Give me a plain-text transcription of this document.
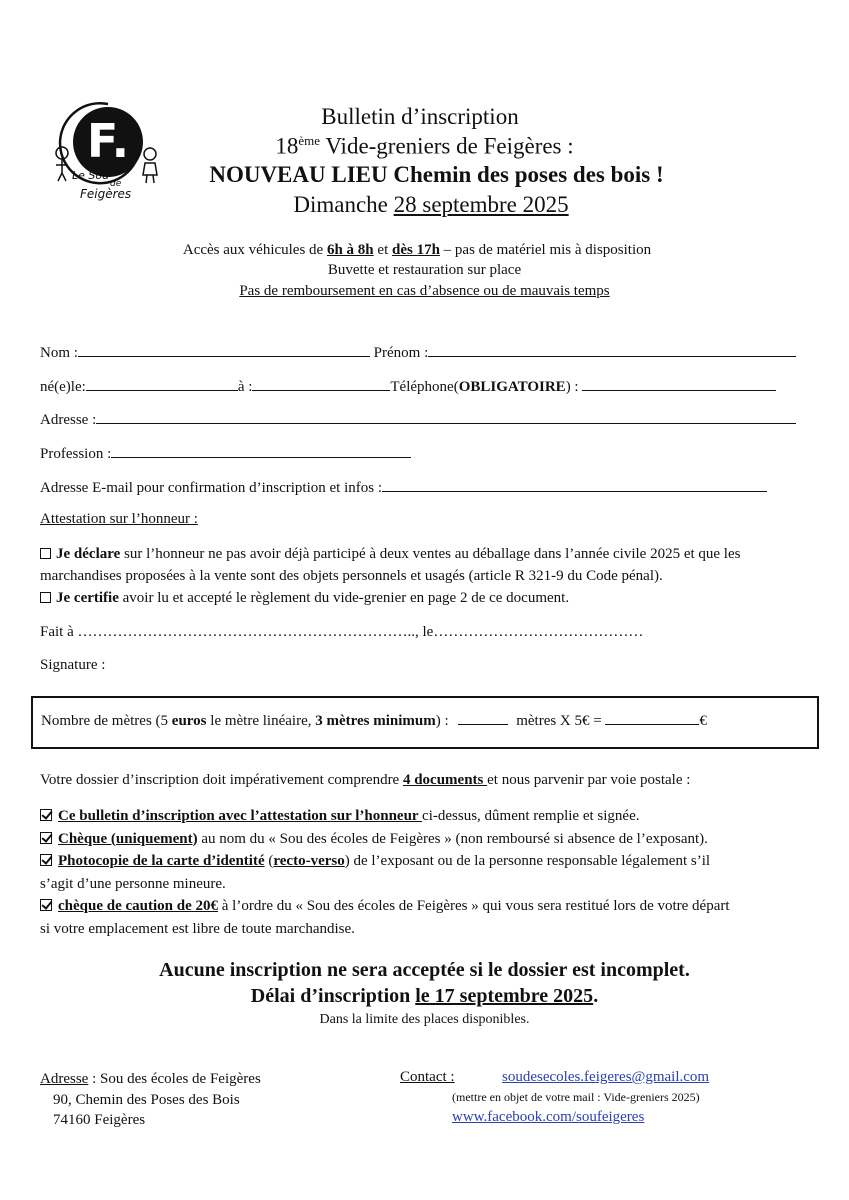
F.
Le Sou
de
Feigères
Bulletin d’inscription
18ème Vide-greniers de Feigères :
NOUVEAU LIEU Chemin des poses des bois !
Dimanche 28 septembre 2025
Accès aux véhicules de 6h à 8h et dès 17h – pas de matériel mis à disposition
Buvette et restauration sur place
Pas de remboursement en cas d’absence ou de mauvais temps
Nom :	Prénom :
né(e)le:	à :	Téléphone(OBLIGATOIRE) :
Adresse :
Profession :
Adresse E-mail pour confirmation d’inscription et infos :
Attestation sur l’honneur :
Je déclare sur l’honneur ne pas avoir déjà participé à deux ventes au déballage dans l’année civile 2025 et que les
marchandises proposées à la vente sont des objets personnels et usagés (article R 321-9 du Code pénal).
Je certifie avoir lu et accepté le règlement du vide-grenier en page 2 de ce document.
Fait à ………………………………………………………….., le……………………………………
Signature :
Nombre de mètres (5 euros le mètre linéaire, 3 mètres minimum) :	mètres X 5€ =	€
Votre dossier d’inscription doit impérativement comprendre 4 documents et nous parvenir par voie postale :
Ce bulletin d’inscription avec l’attestation sur l’honneur ci-dessus, dûment remplie et signée.
Chèque (uniquement) au nom du « Sou des écoles de Feigères » (non remboursé si absence de l’exposant).
Photocopie de la carte d’identité (recto-verso) de l’exposant ou de la personne responsable légalement s’il
s’agit d’une personne mineure.
chèque de caution de 20€ à l’ordre du « Sou des écoles de Feigères » qui vous sera restitué lors de votre départ
si votre emplacement est libre de toute marchandise.
Aucune inscription ne sera acceptée si le dossier est incomplet.
Délai d’inscription le 17 septembre 2025.
Dans la limite des places disponibles.
Adresse : Sou des écoles de Feigères
90, Chemin des Poses des Bois
74160 Feigères
Contact :	soudesecoles.feigeres@gmail.com
(mettre en objet de votre mail : Vide-greniers 2025)
www.facebook.com/soufeigeres
